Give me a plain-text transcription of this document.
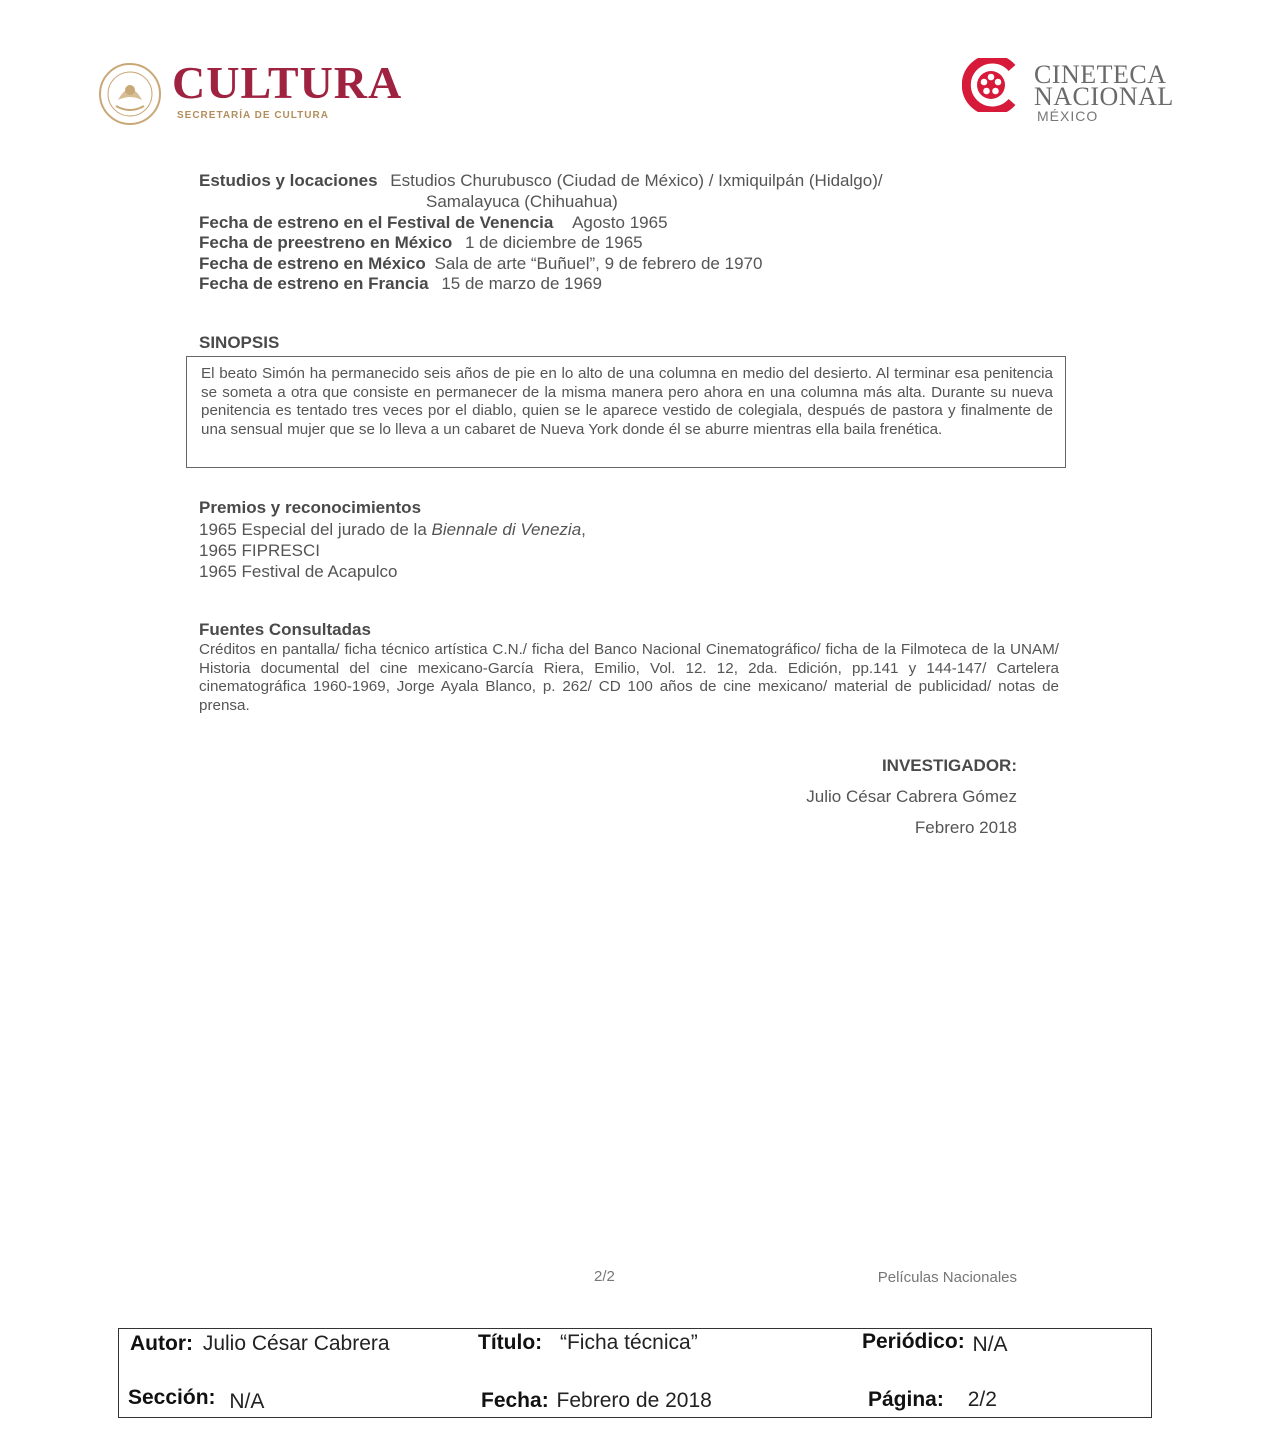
CULTURA
SECRETARÍA DE CULTURA
CINETECA
NACIONAL
MÉXICO
Estudios y locaciones Estudios Churubusco (Ciudad de México) / Ixmiquilpán (Hidalgo)/
Samalayuca (Chihuahua)
Fecha de estreno en el Festival de Venencia Agosto 1965
Fecha de preestreno en México 1 de diciembre de 1965
Fecha de estreno en México Sala de arte “Buñuel”, 9 de febrero de 1970
Fecha de estreno en Francia 15 de marzo de 1969
SINOPSIS
El beato Simón ha permanecido seis años de pie en lo alto de una columna en medio del desierto. Al terminar esa penitencia se someta a otra que consiste en permanecer de la misma manera pero ahora en una columna más alta. Durante su nueva penitencia es tentado tres veces por el diablo, quien se le aparece vestido de colegiala, después de pastora y finalmente de una sensual mujer que se lo lleva a un cabaret de Nueva York donde él se aburre mientras ella baila frenética.
Premios y reconocimientos
1965 Especial del jurado de la Biennale di Venezia,
1965 FIPRESCI
1965 Festival de Acapulco
Fuentes Consultadas
Créditos en pantalla/ ficha técnico artística C.N./ ficha del Banco Nacional Cinematográfico/ ficha de la Filmoteca de la UNAM/ Historia documental del cine mexicano-García Riera, Emilio, Vol. 12. 12, 2da. Edición, pp.141 y 144-147/ Cartelera cinematográfica 1960-1969, Jorge Ayala Blanco, p. 262/ CD 100 años de cine mexicano/ material de publicidad/ notas de prensa.
INVESTIGADOR:
Julio César Cabrera Gómez
Febrero 2018
2/2	Películas Nacionales
Autor: Julio César Cabrera	Título: “Ficha técnica”	Periódico: N/A
Sección: N/A	Fecha: Febrero de 2018	Página: 2/2
